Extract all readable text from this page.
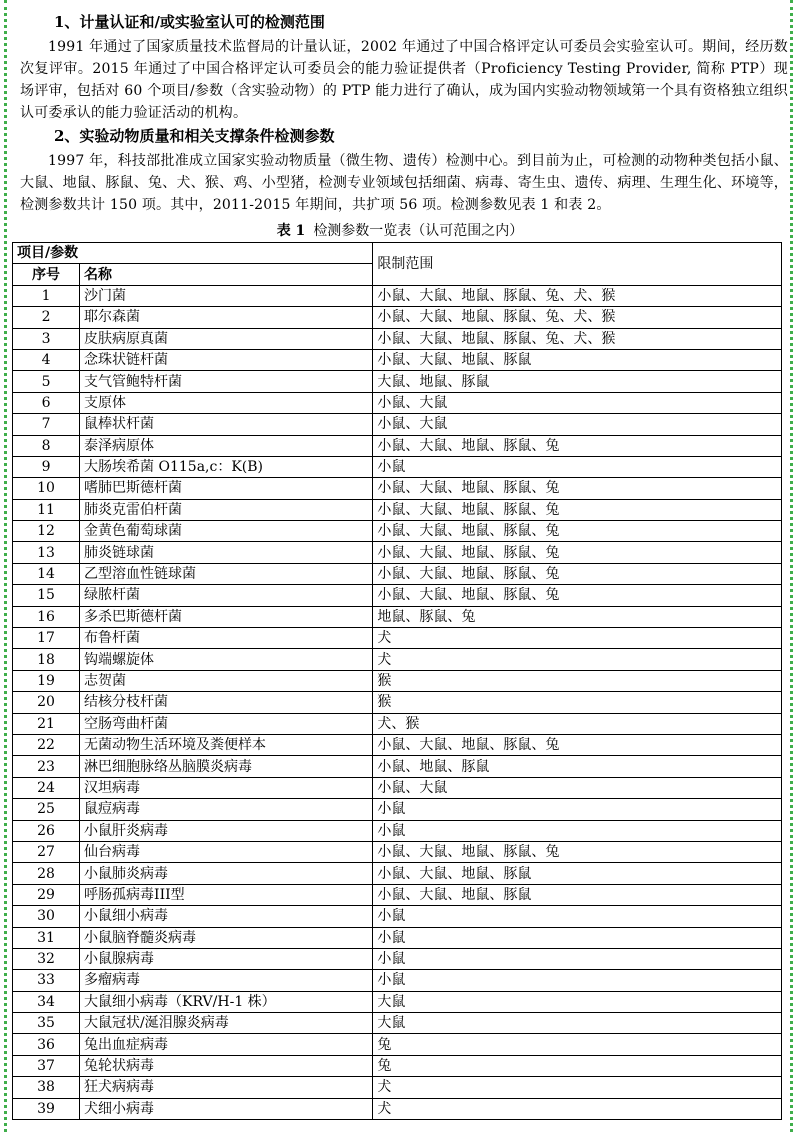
1、计量认证和/或实验室认可的检测范围

1991 年通过了国家质量技术监督局的计量认证，2002 年通过了中国合格评定认可委员会实验室认可。期间，经历数次复评审。2015 年通过了中国合格评定认可委员会的能力验证提供者（Proficiency Testing Provider, 简称 PTP）现场评审，包括对 60 个项目/参数（含实验动物）的 PTP 能力进行了确认，成为国内实验动物领域第一个具有资格独立组织认可委承认的能力验证活动的机构。

2、实验动物质量和相关支撑条件检测参数

1997 年，科技部批准成立国家实验动物质量（微生物、遗传）检测中心。到目前为止，可检测的动物种类包括小鼠、大鼠、地鼠、豚鼠、兔、犬、猴、鸡、小型猪，检测专业领域包括细菌、病毒、寄生虫、遗传、病理、生理生化、环境等，检测参数共计 150 项。其中，2011-2015 年期间，共扩项 56 项。检测参数见表 1 和表 2。

表 1 检测参数一览表（认可范围之内）
项目/参数		限制范围
序号	名称	
1	沙门菌	小鼠、大鼠、地鼠、豚鼠、兔、犬、猴
2	耶尔森菌	小鼠、大鼠、地鼠、豚鼠、兔、犬、猴
3	皮肤病原真菌	小鼠、大鼠、地鼠、豚鼠、兔、犬、猴
4	念珠状链杆菌	小鼠、大鼠、地鼠、豚鼠
5	支气管鲍特杆菌	大鼠、地鼠、豚鼠
6	支原体	小鼠、大鼠
7	鼠棒状杆菌	小鼠、大鼠
8	泰泽病原体	小鼠、大鼠、地鼠、豚鼠、兔
9	大肠埃希菌 O115a,c：K(B)	小鼠
10	嗜肺巴斯德杆菌	小鼠、大鼠、地鼠、豚鼠、兔
11	肺炎克雷伯杆菌	小鼠、大鼠、地鼠、豚鼠、兔
12	金黄色葡萄球菌	小鼠、大鼠、地鼠、豚鼠、兔
13	肺炎链球菌	小鼠、大鼠、地鼠、豚鼠、兔
14	乙型溶血性链球菌	小鼠、大鼠、地鼠、豚鼠、兔
15	绿脓杆菌	小鼠、大鼠、地鼠、豚鼠、兔
16	多杀巴斯德杆菌	地鼠、豚鼠、兔
17	布鲁杆菌	犬
18	钩端螺旋体	犬
19	志贺菌	猴
20	结核分枝杆菌	猴
21	空肠弯曲杆菌	犬、猴
22	无菌动物生活环境及粪便样本	小鼠、大鼠、地鼠、豚鼠、兔
23	淋巴细胞脉络丛脑膜炎病毒	小鼠、地鼠、豚鼠
24	汉坦病毒	小鼠、大鼠
25	鼠痘病毒	小鼠
26	小鼠肝炎病毒	小鼠
27	仙台病毒	小鼠、大鼠、地鼠、豚鼠、兔
28	小鼠肺炎病毒	小鼠、大鼠、地鼠、豚鼠
29	呼肠孤病毒III型	小鼠、大鼠、地鼠、豚鼠
30	小鼠细小病毒	小鼠
31	小鼠脑脊髓炎病毒	小鼠
32	小鼠腺病毒	小鼠
33	多瘤病毒	小鼠
34	大鼠细小病毒（KRV/H-1 株）	大鼠
35	大鼠冠状/涎泪腺炎病毒	大鼠
36	兔出血症病毒	兔
37	兔轮状病毒	兔
38	狂犬病病毒	犬
39	犬细小病毒	犬
